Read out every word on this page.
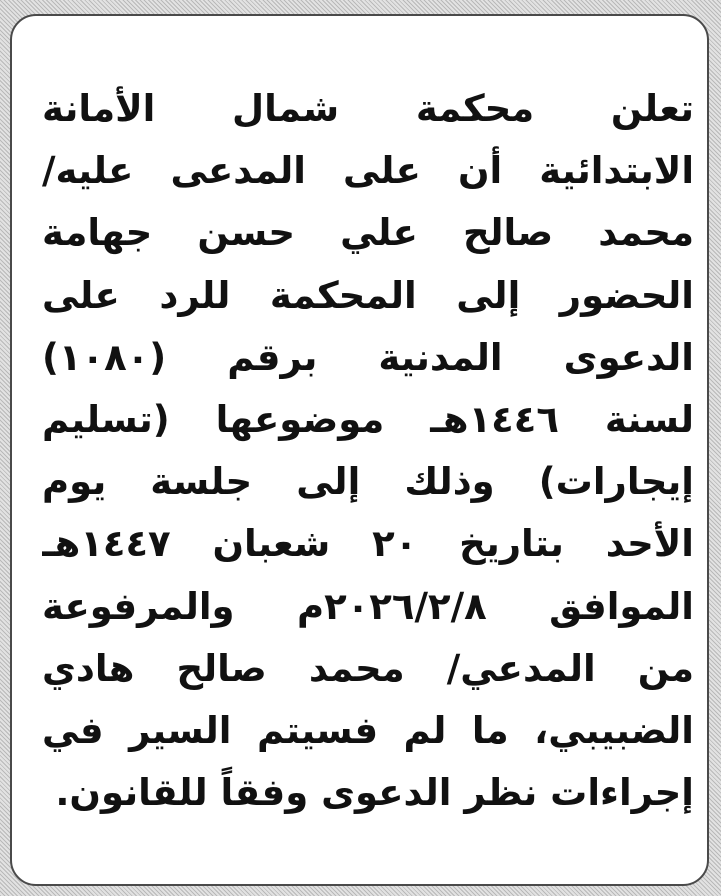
تعلن محكمة شمال الأمانة
الابتدائية أن على المدعى عليه/
محمد صالح علي حسن جهامة
الحضور إلى المحكمة للرد على
الدعوى المدنية برقم (١٠٨٠)
لسنة ١٤٤٦هـ موضوعها (تسليم
إيجارات) وذلك إلى جلسة يوم
الأحد بتاريخ ٢٠ شعبان ١٤٤٧هـ
الموافق ٢٠٢٦/٢/٨م والمرفوعة
من المدعي/ محمد صالح هادي
الضبيبي، ما لم فسيتم السير في
إجراءات نظر الدعوى وفقاً للقانون.
